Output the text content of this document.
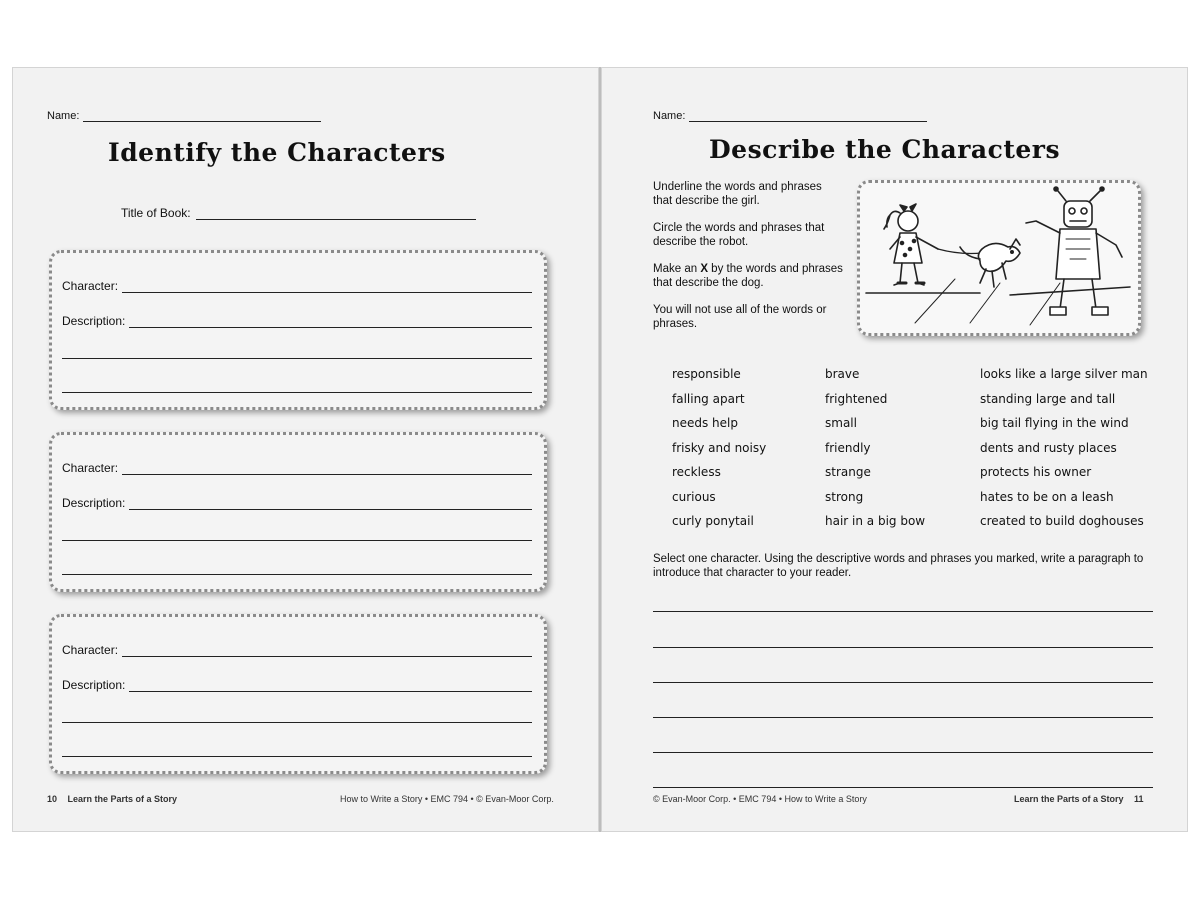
Name:
Identify the Characters
Title of Book:
Character:
Description:
Character:
Description:
Character:
Description:
10 Learn the Parts of a Story	How to Write a Story • EMC 794 • © Evan-Moor Corp.
Name:
Describe the Characters
Underline the words and phrases that describe the girl.
Circle the words and phrases that describe the robot.
Make an X by the words and phrases that describe the dog.
You will not use all of the words or phrases.
responsible
falling apart
needs help
frisky and noisy
reckless
curious
curly ponytail
brave
frightened
small
friendly
strange
strong
hair in a big bow
looks like a large silver man
standing large and tall
big tail flying in the wind
dents and rusty places
protects his owner
hates to be on a leash
created to build doghouses
Select one character. Using the descriptive words and phrases you marked, write a paragraph to introduce that character to your reader.
© Evan-Moor Corp. • EMC 794 • How to Write a Story	Learn the Parts of a Story 11
